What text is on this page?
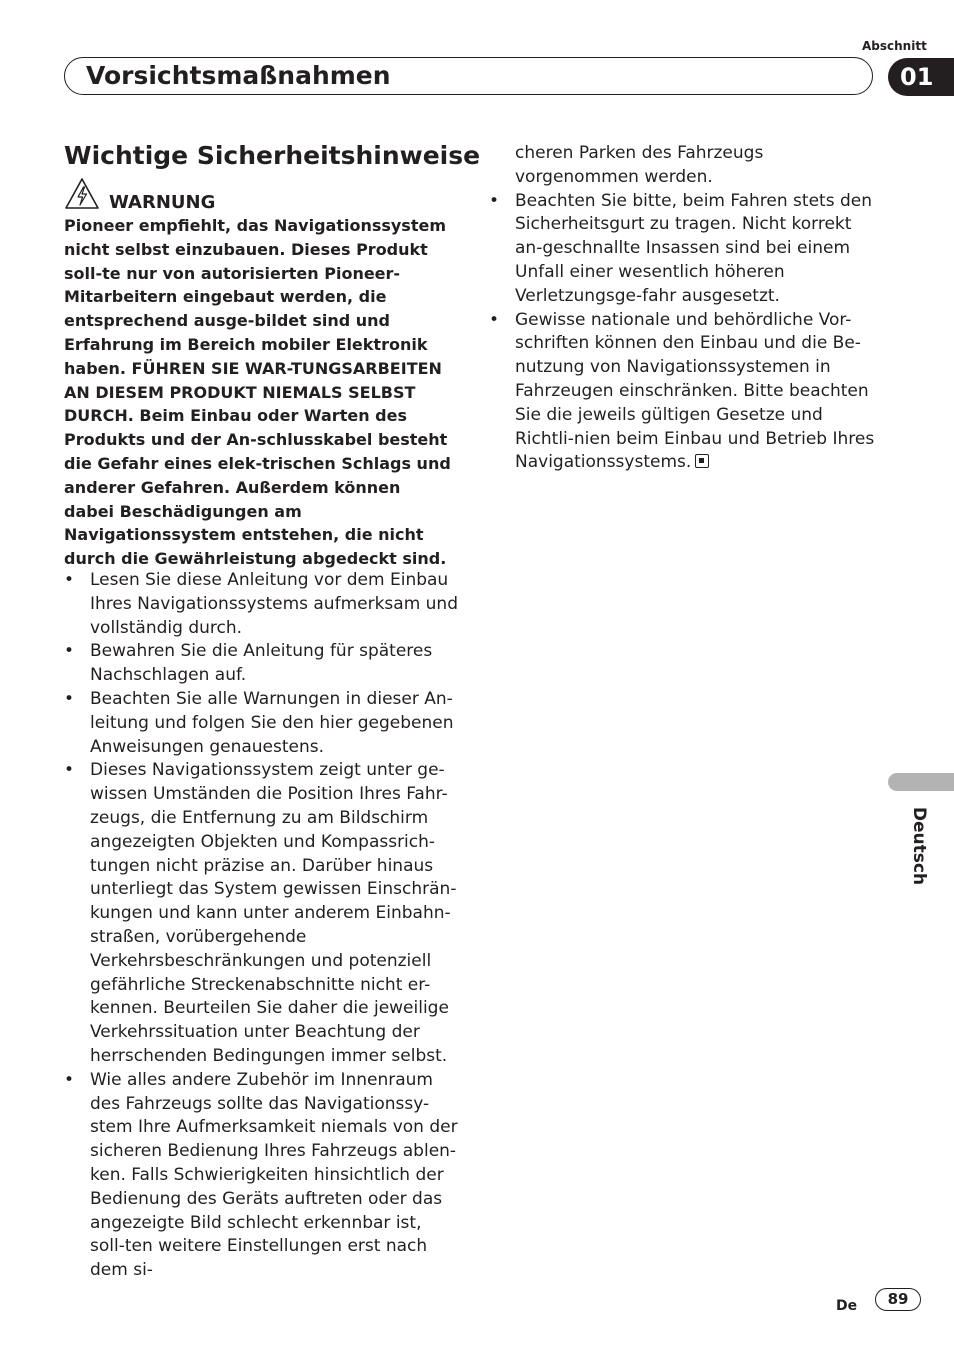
Abschnitt
Vorsichtsmaßnahmen	01
Wichtige Sicherheitshinweise
WARNUNG
Pioneer empfiehlt, das Navigationssystem nicht selbst einzubauen. Dieses Produkt soll-te nur von autorisierten Pioneer-Mitarbeitern eingebaut werden, die entsprechend ausge-bildet sind und Erfahrung im Bereich mobiler Elektronik haben. FÜHREN SIE WAR-TUNGSARBEITEN AN DIESEM PRODUKT NIEMALS SELBST DURCH. Beim Einbau oder Warten des Produkts und der An-schlusskabel besteht die Gefahr eines elek-trischen Schlags und anderer Gefahren. Außerdem können dabei Beschädigungen am Navigationssystem entstehen, die nicht durch die Gewährleistung abgedeckt sind.
• Lesen Sie diese Anleitung vor dem Einbau Ihres Navigationssystems aufmerksam und vollständig durch.
• Bewahren Sie die Anleitung für späteres Nachschlagen auf.
• Beachten Sie alle Warnungen in dieser An-leitung und folgen Sie den hier gegebenen Anweisungen genauestens.
• Dieses Navigationssystem zeigt unter ge-wissen Umständen die Position Ihres Fahr-zeugs, die Entfernung zu am Bildschirm angezeigten Objekten und Kompassrich-tungen nicht präzise an. Darüber hinaus unterliegt das System gewissen Einschrän-kungen und kann unter anderem Einbahn-straßen, vorübergehende Verkehrsbeschränkungen und potenziell gefährliche Streckenabschnitte nicht er-kennen. Beurteilen Sie daher die jeweilige Verkehrssituation unter Beachtung der herrschenden Bedingungen immer selbst.
• Wie alles andere Zubehör im Innenraum des Fahrzeugs sollte das Navigationssy-stem Ihre Aufmerksamkeit niemals von der sicheren Bedienung Ihres Fahrzeugs ablen-ken. Falls Schwierigkeiten hinsichtlich der Bedienung des Geräts auftreten oder das angezeigte Bild schlecht erkennbar ist, soll-ten weitere Einstellungen erst nach dem si-
cheren Parken des Fahrzeugs vorgenommen werden.
• Beachten Sie bitte, beim Fahren stets den Sicherheitsgurt zu tragen. Nicht korrekt an-geschnallte Insassen sind bei einem Unfall einer wesentlich höheren Verletzungsge-fahr ausgesetzt.
• Gewisse nationale und behördliche Vor-schriften können den Einbau und die Be-nutzung von Navigationssystemen in Fahrzeugen einschränken. Bitte beachten Sie die jeweils gültigen Gesetze und Richtli-nien beim Einbau und Betrieb Ihres Navigationssystems.
Deutsch
De	89
